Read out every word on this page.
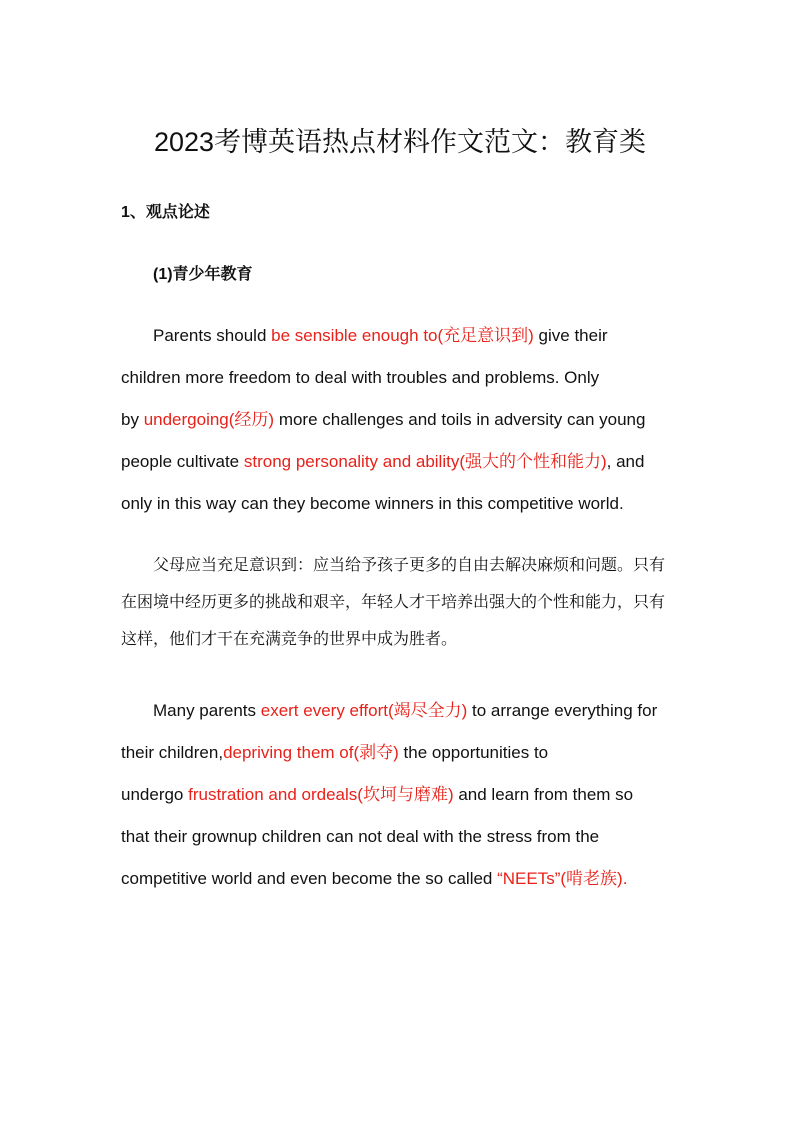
2023考博英语热点材料作文范文：教育类
1、观点论述
(1)青少年教育
Parents should be sensible enough to(充足意识到) give their
children more freedom to deal with troubles and problems. Only
by undergoing(经历) more challenges and toils in adversity can young
people cultivate strong personality and ability(强大的个性和能力), and
only in this way can they become winners in this competitive world.
父母应当充足意识到：应当给予孩子更多的自由去解决麻烦和问题。只有
在困境中经历更多的挑战和艰辛，年轻人才干培养出强大的个性和能力，只有
这样，他们才干在充满竞争的世界中成为胜者。
Many parents exert every effort(竭尽全力) to arrange everything for
their children,depriving them of(剥夺) the opportunities to
undergo frustration and ordeals(坎坷与磨难) and learn from them so
that their grownup children can not deal with the stress from the
competitive world and even become the so called “NEETs”(啃老族).
